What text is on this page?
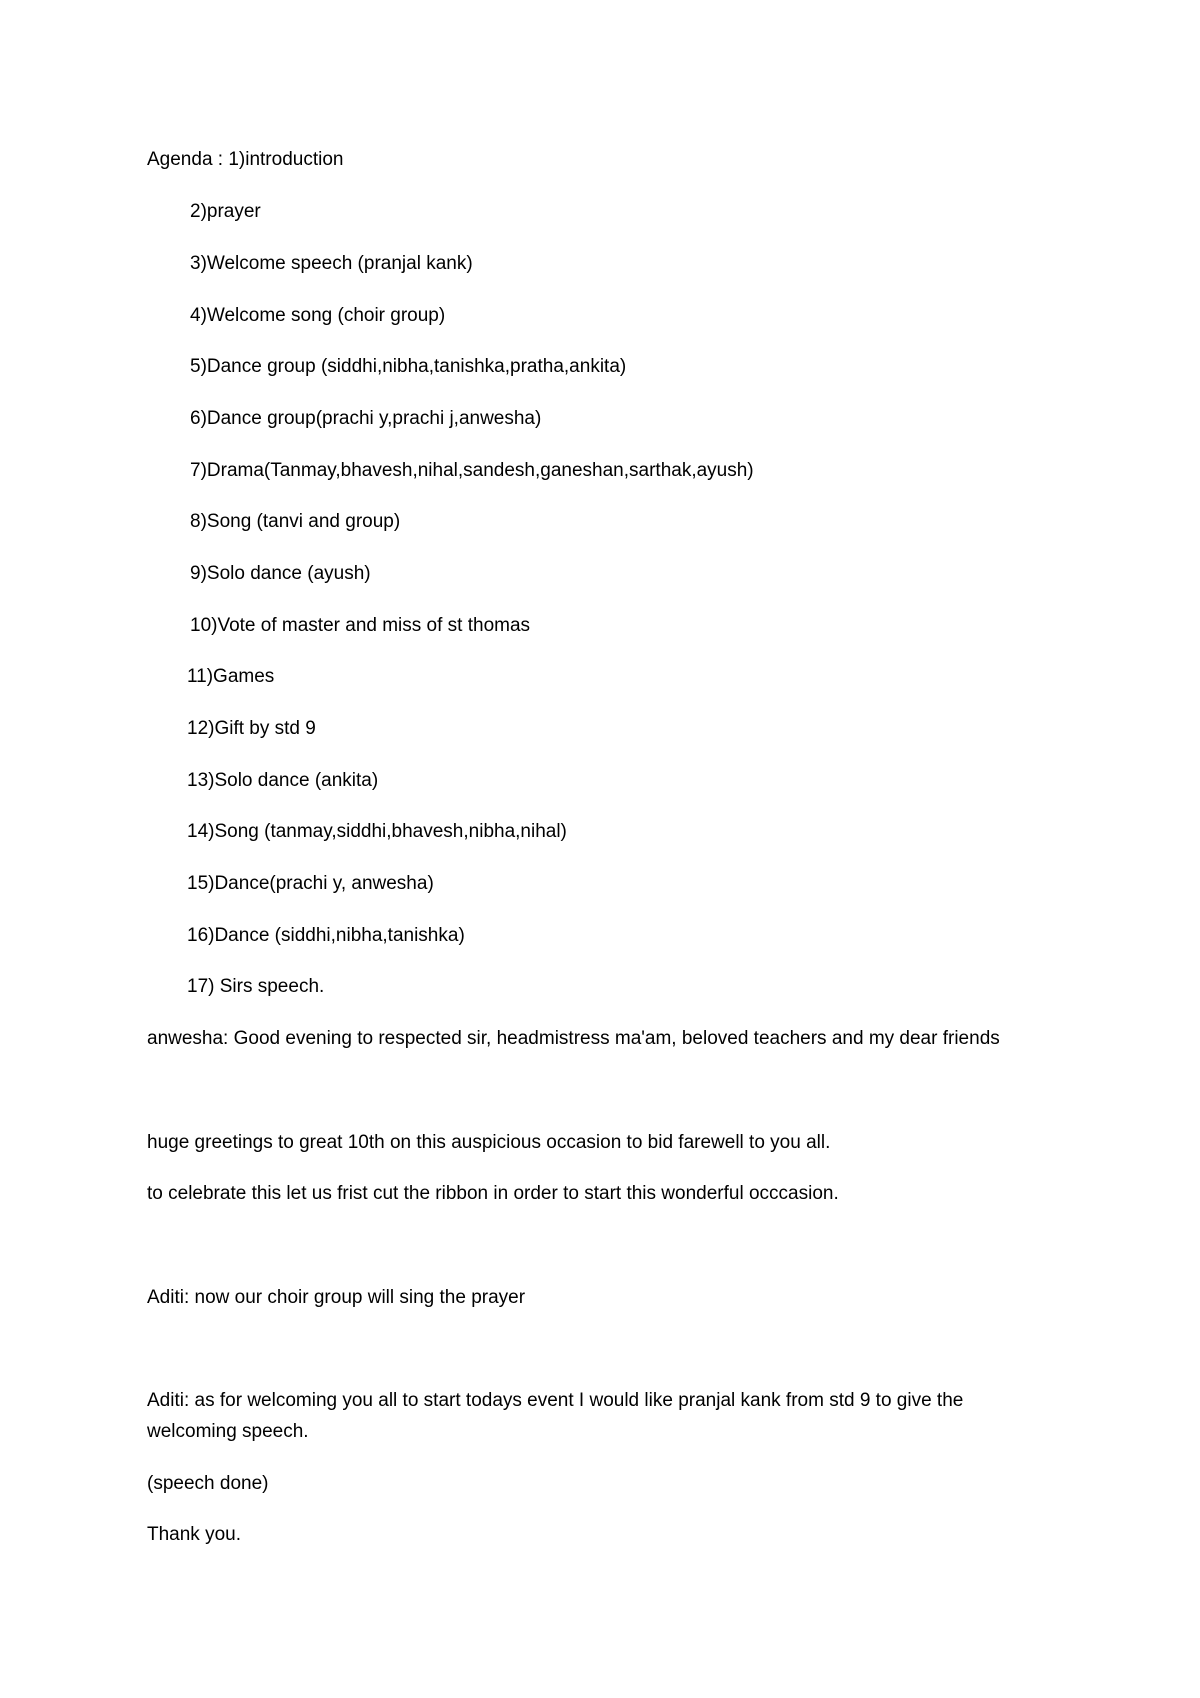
Agenda : 1)introduction
2)prayer
3)Welcome speech (pranjal kank)
4)Welcome song (choir group)
5)Dance group (siddhi,nibha,tanishka,pratha,ankita)
6)Dance group(prachi y,prachi j,anwesha)
7)Drama(Tanmay,bhavesh,nihal,sandesh,ganeshan,sarthak,ayush)
8)Song (tanvi and group)
9)Solo dance (ayush)
10)Vote of master and miss of st thomas
11)Games
12)Gift by std 9
13)Solo dance (ankita)
14)Song (tanmay,siddhi,bhavesh,nibha,nihal)
15)Dance(prachi y, anwesha)
16)Dance (siddhi,nibha,tanishka)
17) Sirs speech.
anwesha: Good evening to respected sir, headmistress ma'am, beloved teachers and my dear friends
huge greetings to great 10th on this auspicious occasion to bid farewell to you all.
to celebrate this let us frist cut the ribbon in order to start this wonderful occcasion.
Aditi: now our choir group will sing the prayer
Aditi: as for welcoming you all to start todays event I would like pranjal kank from std 9 to give the welcoming speech.
(speech done)
Thank you.
